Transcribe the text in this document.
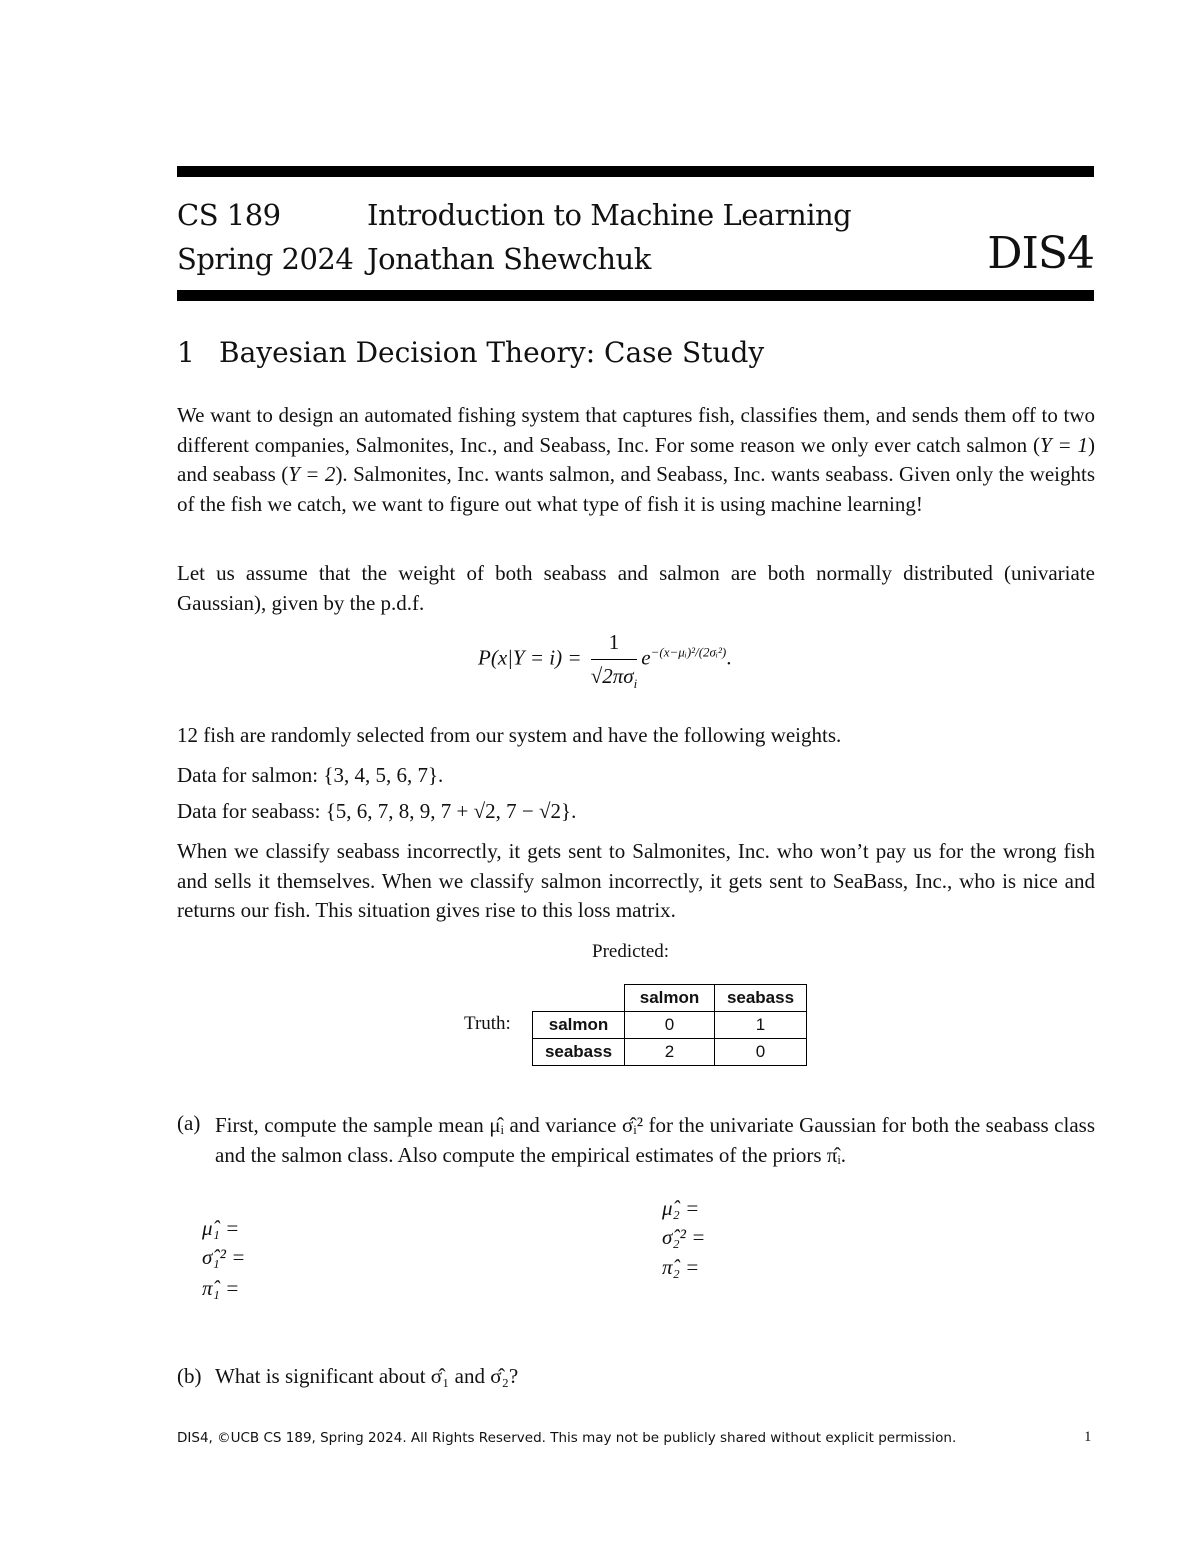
CS 189
Spring 2024
Introduction to Machine Learning
Jonathan Shewchuk	DIS4
1 Bayesian Decision Theory: Case Study
We want to design an automated fishing system that captures fish, classifies them, and sends them off to two different companies, Salmonites, Inc., and Seabass, Inc. For some reason we only ever catch salmon (Y = 1) and seabass (Y = 2). Salmonites, Inc. wants salmon, and Seabass, Inc. wants seabass. Given only the weights of the fish we catch, we want to figure out what type of fish it is using machine learning!
Let us assume that the weight of both seabass and salmon are both normally distributed (univariate Gaussian), given by the p.d.f.
$P(x|Y = i) = \frac{1}{√2\pi\sigma_i} e^{-(x-\mu ᵢ)^2/(2\sigma ᵢ^2)}$.
12 fish are randomly selected from our system and have the following weights.
Data for salmon: {3, 4, 5, 6, 7}.
Data for seabass: {5, 6, 7, 8, 9, 7 + √2, 7 − √2}.
When we classify seabass incorrectly, it gets sent to Salmonites, Inc. who won’t pay us for the wrong fish and sells it themselves. When we classify salmon incorrectly, it gets sent to SeaBass, Inc., who is nice and returns our fish. This situation gives rise to this loss matrix.
Predicted:
Truth:
	salmon	seabass
salmon	0	1
seabass	2	0
(a) First, compute the sample mean μ̂ᵢ and variance σ̂ᵢ² for the univariate Gaussian for both the seabass class and the salmon class. Also compute the empirical estimates of the priors π̂ᵢ.
μ̂₁ =
σ̂₁² =
π̂₁ =
μ̂₂ =
σ̂₂² =
π̂₂ =
(b) What is significant about σ̂₁ and σ̂₂?
DIS4, ©UCB CS 189, Spring 2024. All Rights Reserved. This may not be publicly shared without explicit permission.	1
